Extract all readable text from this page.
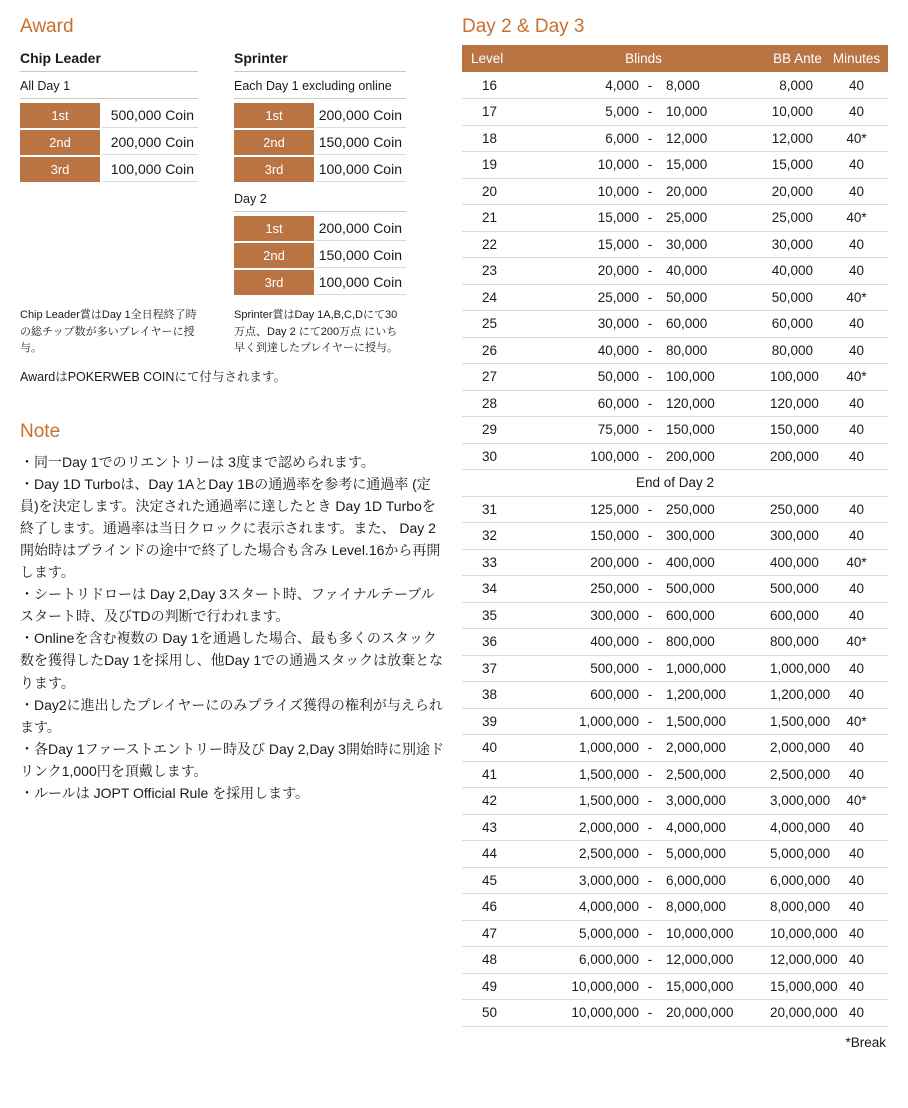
Award
Chip Leader
All Day 1
1st	500,000 Coin
2nd	200,000 Coin
3rd	100,000 Coin
Chip Leader賞はDay 1全日程終了時の総チップ数が多いプレイヤーに授与。
Sprinter
Each Day 1 excluding online
1st	200,000 Coin
2nd	150,000 Coin
3rd	100,000 Coin
Day 2
1st	200,000 Coin
2nd	150,000 Coin
3rd	100,000 Coin
Sprinter賞はDay 1A,B,C,Dにて30万点、Day 2 にて200万点 にいち早く到達したプレイヤーに授与。
AwardはPOKERWEB COINにて付与されます。
Note
・同一Day 1でのリエントリーは 3度まで認められます。
・Day 1D Turboは、Day 1AとDay 1Bの通過率を参考に通過率 (定員)を決定します。決定された通過率に達したとき Day 1D Turboを終了します。通過率は当日クロックに表示されます。また、 Day 2開始時はブラインドの途中で終了した場合も含み Level.16から再開します。
・シートリドローは Day 2,Day 3スタート時、ファイナルテーブルスタート時、及びTDの判断で行われます。
・Onlineを含む複数の Day 1を通過した場合、最も多くのスタック数を獲得したDay 1を採用し、他Day 1での通過スタックは放棄となります。
・Day2に進出したプレイヤーにのみプライズ獲得の権利が与えられます。
・各Day 1ファーストエントリー時及び Day 2,Day 3開始時に別途ドリンク1,000円を頂戴します。
・ルールは JOPT Official Rule を採用します。
Day 2 & Day 3
Level	Blinds			BB Ante	Minutes
16	4,000	-	8,000	8,000	40
17	5,000	-	10,000	10,000	40
18	6,000	-	12,000	12,000	40*
19	10,000	-	15,000	15,000	40
20	10,000	-	20,000	20,000	40
21	15,000	-	25,000	25,000	40*
22	15,000	-	30,000	30,000	40
23	20,000	-	40,000	40,000	40
24	25,000	-	50,000	50,000	40*
25	30,000	-	60,000	60,000	40
26	40,000	-	80,000	80,000	40
27	50,000	-	100,000	100,000	40*
28	60,000	-	120,000	120,000	40
29	75,000	-	150,000	150,000	40
30	100,000	-	200,000	200,000	40
End of Day 2					
31	125,000	-	250,000	250,000	40
32	150,000	-	300,000	300,000	40
33	200,000	-	400,000	400,000	40*
34	250,000	-	500,000	500,000	40
35	300,000	-	600,000	600,000	40
36	400,000	-	800,000	800,000	40*
37	500,000	-	1,000,000	1,000,000	40
38	600,000	-	1,200,000	1,200,000	40
39	1,000,000	-	1,500,000	1,500,000	40*
40	1,000,000	-	2,000,000	2,000,000	40
41	1,500,000	-	2,500,000	2,500,000	40
42	1,500,000	-	3,000,000	3,000,000	40*
43	2,000,000	-	4,000,000	4,000,000	40
44	2,500,000	-	5,000,000	5,000,000	40
45	3,000,000	-	6,000,000	6,000,000	40
46	4,000,000	-	8,000,000	8,000,000	40
47	5,000,000	-	10,000,000	10,000,000	40
48	6,000,000	-	12,000,000	12,000,000	40
49	10,000,000	-	15,000,000	15,000,000	40
50	10,000,000	-	20,000,000	20,000,000	40
*Break
